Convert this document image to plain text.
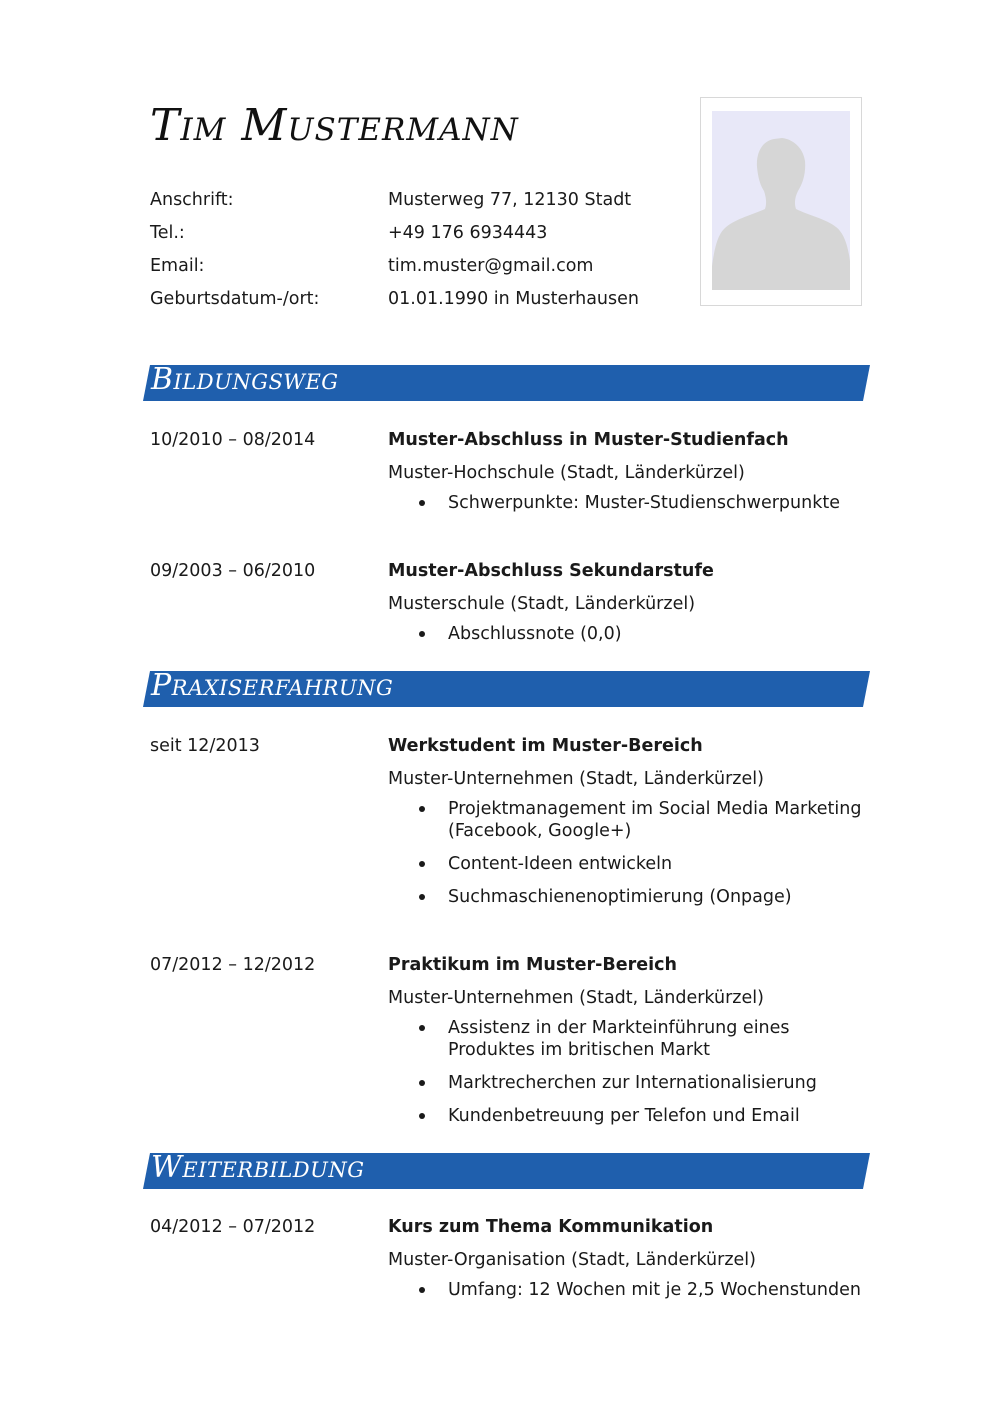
Tim Mustermann
Anschrift:	Musterweg 77, 12130 Stadt
Tel.:	+49 176 6934443
Email:	tim.muster@gmail.com
Geburtsdatum-/ort:	01.01.1990 in Musterhausen
Bildungsweg
10/2010 – 08/2014	Muster-Abschluss in Muster-Studienfach
Muster-Hochschule (Stadt, Länderkürzel)
Schwerpunkte: Muster-Studienschwerpunkte
09/2003 – 06/2010	Muster-Abschluss Sekundarstufe
Musterschule (Stadt, Länderkürzel)
Abschlussnote (0,0)
Praxiserfahrung
seit 12/2013	Werkstudent im Muster-Bereich
Muster-Unternehmen (Stadt, Länderkürzel)
Projektmanagement im Social Media Marketing (Facebook, Google+)
Content-Ideen entwickeln
Suchmaschienenoptimierung (Onpage)
07/2012 – 12/2012	Praktikum im Muster-Bereich
Muster-Unternehmen (Stadt, Länderkürzel)
Assistenz in der Markteinführung eines Produktes im britischen Markt
Marktrecherchen zur Internationalisierung
Kundenbetreuung per Telefon und Email
Weiterbildung
04/2012 – 07/2012	Kurs zum Thema Kommunikation
Muster-Organisation (Stadt, Länderkürzel)
Umfang: 12 Wochen mit je 2,5 Wochenstunden
